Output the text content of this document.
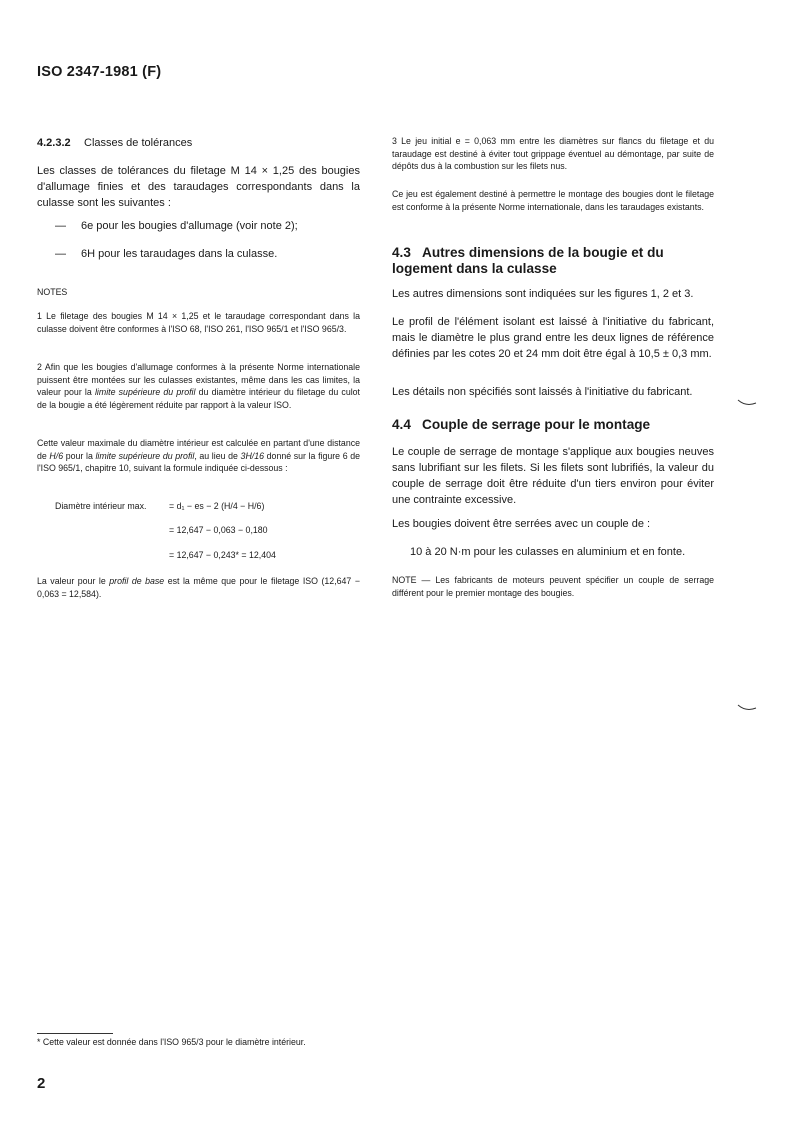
ISO 2347-1981 (F)
4.2.3.2 Classes de tolérances

Les classes de tolérances du filetage M 14 × 1,25 des bougies d'allumage finies et des taraudages correspondants dans la culasse sont les suivantes :

— 6e pour les bougies d'allumage (voir note 2);
— 6H pour les taraudages dans la culasse.
NOTES

1 Le filetage des bougies M 14 × 1,25 et le taraudage correspondant dans la culasse doivent être conformes à l'ISO 68, l'ISO 261, l'ISO 965/1 et l'ISO 965/3.

2 Afin que les bougies d'allumage conformes à la présente Norme internationale puissent être montées sur les culasses existantes, même dans les cas limites, la valeur pour la limite supérieure du profil du diamètre intérieur du filetage du culot de la bougie a été légèrement réduite par rapport à la valeur ISO.

Cette valeur maximale du diamètre intérieur est calculée en partant d'une distance de H/6 pour la limite supérieure du profil, au lieu de 3H/16 donné sur la figure 6 de l'ISO 965/1, chapitre 10, suivant la formule indiquée ci-dessous :

Diamètre intérieur max.	= d₁ − es − 2 (H/4 − H/6)
= 12,647 − 0,063 − 0,180
= 12,647 − 0,243* = 12,404

La valeur pour le profil de base est la même que pour le filetage ISO (12,647 − 0,063 = 12,584).

3 Le jeu initial e = 0,063 mm entre les diamètres sur flancs du filetage et du taraudage est destiné à éviter tout grippage éventuel au démontage, par suite de dépôts dus à la combustion sur les filets nus.

Ce jeu est également destiné à permettre le montage des bougies dont le filetage est conforme à la présente Norme internationale, dans les taraudages existants.

4.3 Autres dimensions de la bougie et du logement dans la culasse

Les autres dimensions sont indiquées sur les figures 1, 2 et 3.

Le profil de l'élément isolant est laissé à l'initiative du fabricant, mais le diamètre le plus grand entre les deux lignes de référence définies par les cotes 20 et 24 mm doit être égal à 10,5 ± 0,3 mm.

Les détails non spécifiés sont laissés à l'initiative du fabricant.

4.4 Couple de serrage pour le montage

Le couple de serrage de montage s'applique aux bougies neuves sans lubrifiant sur les filets. Si les filets sont lubrifiés, la valeur du couple de serrage doit être réduite d'un tiers environ pour éviter une contrainte excessive.

Les bougies doivent être serrées avec un couple de :

10 à 20 N·m pour les culasses en aluminium et en fonte.

NOTE — Les fabricants de moteurs peuvent spécifier un couple de serrage différent pour le premier montage des bougies.

* Cette valeur est donnée dans l'ISO 965/3 pour le diamètre intérieur.
2
